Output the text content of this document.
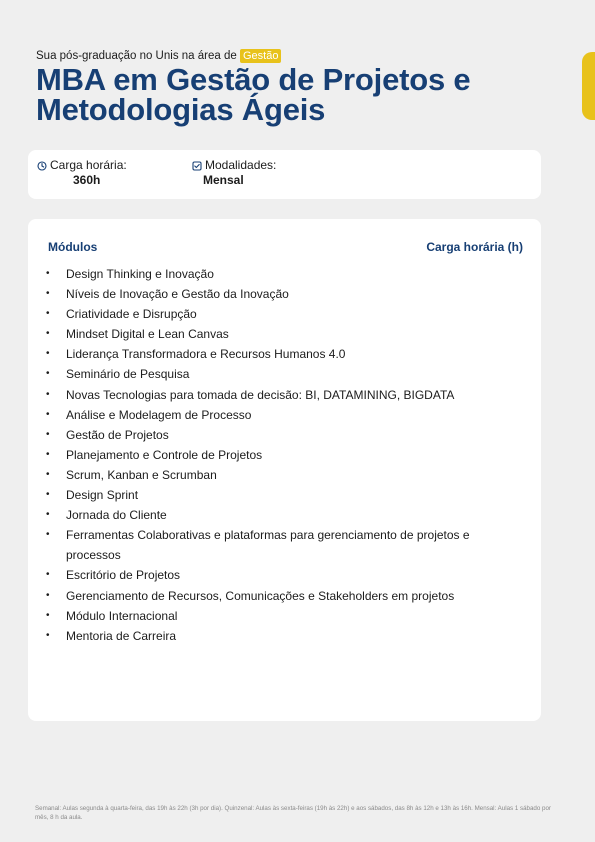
Sua pós-graduação no Unis na área de Gestão
MBA em Gestão de Projetos e
Metodologias Ágeis
Carga horária:
360h
Modalidades:
Mensal
Módulos	Carga horária (h)
• Design Thinking e Inovação
• Níveis de Inovação e Gestão da Inovação
• Criatividade e Disrupção
• Mindset Digital e Lean Canvas
• Liderança Transformadora e Recursos Humanos 4.0
• Seminário de Pesquisa
• Novas Tecnologias para tomada de decisão: BI, DATAMINING, BIGDATA
• Análise e Modelagem de Processo
• Gestão de Projetos
• Planejamento e Controle de Projetos
• Scrum, Kanban e Scrumban
• Design Sprint
• Jornada do Cliente
• Ferramentas Colaborativas e plataformas para gerenciamento de projetos e processos
• Escritório de Projetos
• Gerenciamento de Recursos, Comunicações e Stakeholders em projetos
• Módulo Internacional
• Mentoria de Carreira
Semanal: Aulas segunda à quarta-feira, das 19h às 22h (3h por dia). Quinzenal: Aulas às sexta-feiras (19h às 22h) e aos sábados, das 8h às 12h e 13h às 16h. Mensal: Aulas 1 sábado por mês, 8 h da aula.
